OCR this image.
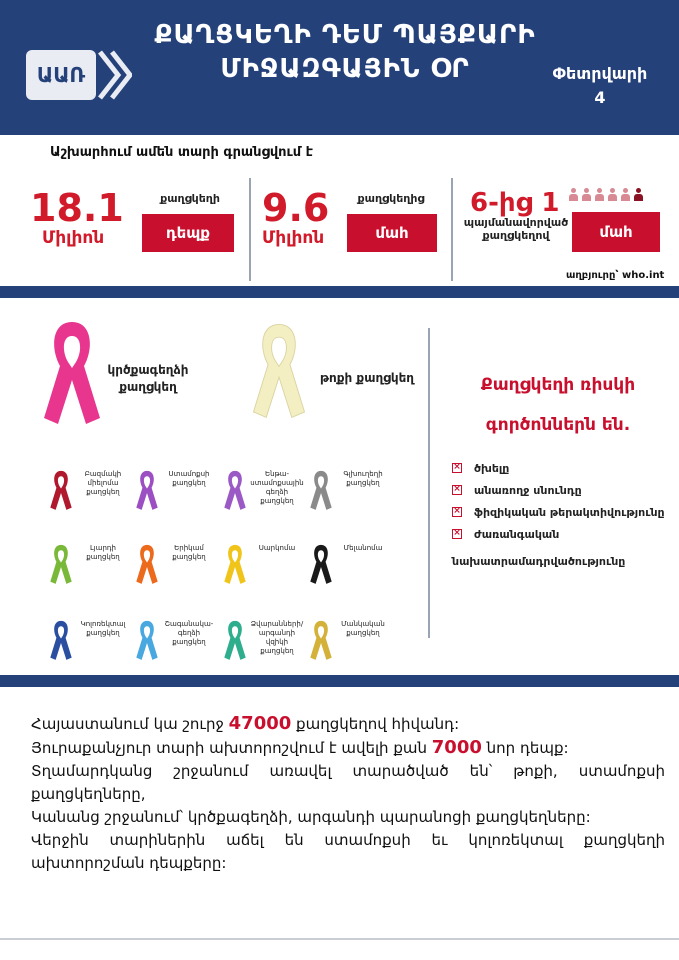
ԱԱՌ
ՔԱՂՑԿԵՂԻ ԴԵՄ ՊԱՅՔԱՐԻ
ՄԻՋԱԶԳԱՅԻՆ ՕՐ	Փետրվարի
4
Աշխարհում ամեն տարի գրանցվում է
18.1
Միլիոն
քաղցկեղի
դեպք
9.6
Միլիոն
քաղցկեղից
մահ
6-ից 1
պայմանավորված
քաղցկեղով	մահ
աղբյուրը՝ who.int
կրծքագեղձի
քաղցկեղ
թոքի քաղցկեղ
Բազմակի
միելոմա
քաղցկեղ
Ստամոքսի
քաղցկեղ
Ենթա-
ստամոքսային
գեղձի
քաղցկեղ
Գլխուղեղի
քաղցկեղ
Լյարդի
քաղցկեղ
Երիկամ
քաղցկեղ
Սարկոմա	Մելանոմա
Կոլոռեկտալ
քաղցկեղ
Շագանակա-
գեղձի
քաղցկեղ
Ձվարանների/
արգանդի
վզիկի
քաղցկեղ
Մանկական
քաղցկեղ
Քաղցկեղի ռիսկի
գործոններն են.
× ծխելը
× անառողջ սնունդը
× ֆիզիկական թերակտիվությունը
× ժառանգական
նախատրամադրվածությունը

Հայաստանում կա շուրջ 47000 քաղցկեղով հիվանդ:

Յուրաքանչյուր տարի ախտորոշվում է ավելի քան 7000 նոր դեպք:

Տղամարդկանց շրջանում առավել տարածված են՝ թոքի, ստամոքսի քաղցկեղները,

Կանանց շրջանում՝ կրծքագեղձի, արգանդի պարանոցի քաղցկեղները:

Վերջին տարիներին աճել են ստամոքսի եւ կոլոռեկտալ քաղցկեղի ախտորոշման դեպքերը:
